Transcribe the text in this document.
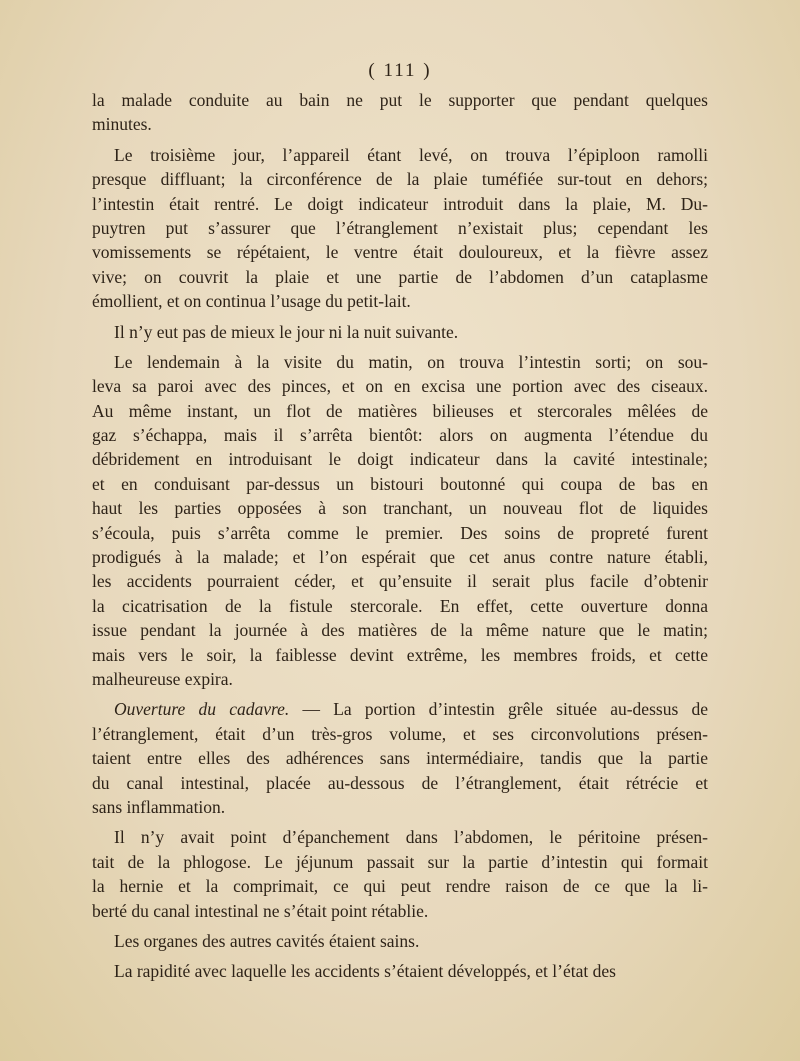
( 111 )

la malade conduite au bain ne put le supporter que pendant quelques
minutes.

Le troisième jour, l’appareil étant levé, on trouva l’épiploon ramolli
presque diffluant; la circonférence de la plaie tuméfiée sur-tout en dehors;
l’intestin était rentré. Le doigt indicateur introduit dans la plaie, M. Du-
puytren put s’assurer que l’étranglement n’existait plus; cependant les
vomissements se répétaient, le ventre était douloureux, et la fièvre assez
vive; on couvrit la plaie et une partie de l’abdomen d’un cataplasme
émollient, et on continua l’usage du petit-lait.

Il n’y eut pas de mieux le jour ni la nuit suivante.

Le lendemain à la visite du matin, on trouva l’intestin sorti; on sou-
leva sa paroi avec des pinces, et on en excisa une portion avec des ciseaux.
Au même instant, un flot de matières bilieuses et stercorales mêlées de
gaz s’échappa, mais il s’arrêta bientôt: alors on augmenta l’étendue du
débridement en introduisant le doigt indicateur dans la cavité intestinale;
et en conduisant par-dessus un bistouri boutonné qui coupa de bas en
haut les parties opposées à son tranchant, un nouveau flot de liquides
s’écoula, puis s’arrêta comme le premier. Des soins de propreté furent
prodigués à la malade; et l’on espérait que cet anus contre nature établi,
les accidents pourraient céder, et qu’ensuite il serait plus facile d’obtenir
la cicatrisation de la fistule stercorale. En effet, cette ouverture donna
issue pendant la journée à des matières de la même nature que le matin;
mais vers le soir, la faiblesse devint extrême, les membres froids, et cette
malheureuse expira.

Ouverture du cadavre. — La portion d’intestin grêle située au-dessus de
l’étranglement, était d’un très-gros volume, et ses circonvolutions présen-
taient entre elles des adhérences sans intermédiaire, tandis que la partie
du canal intestinal, placée au-dessous de l’étranglement, était rétrécie et
sans inflammation.

Il n’y avait point d’épanchement dans l’abdomen, le péritoine présen-
tait de la phlogose. Le jéjunum passait sur la partie d’intestin qui formait
la hernie et la comprimait, ce qui peut rendre raison de ce que la li-
berté du canal intestinal ne s’était point rétablie.

Les organes des autres cavités étaient sains.

La rapidité avec laquelle les accidents s’étaient développés, et l’état des
